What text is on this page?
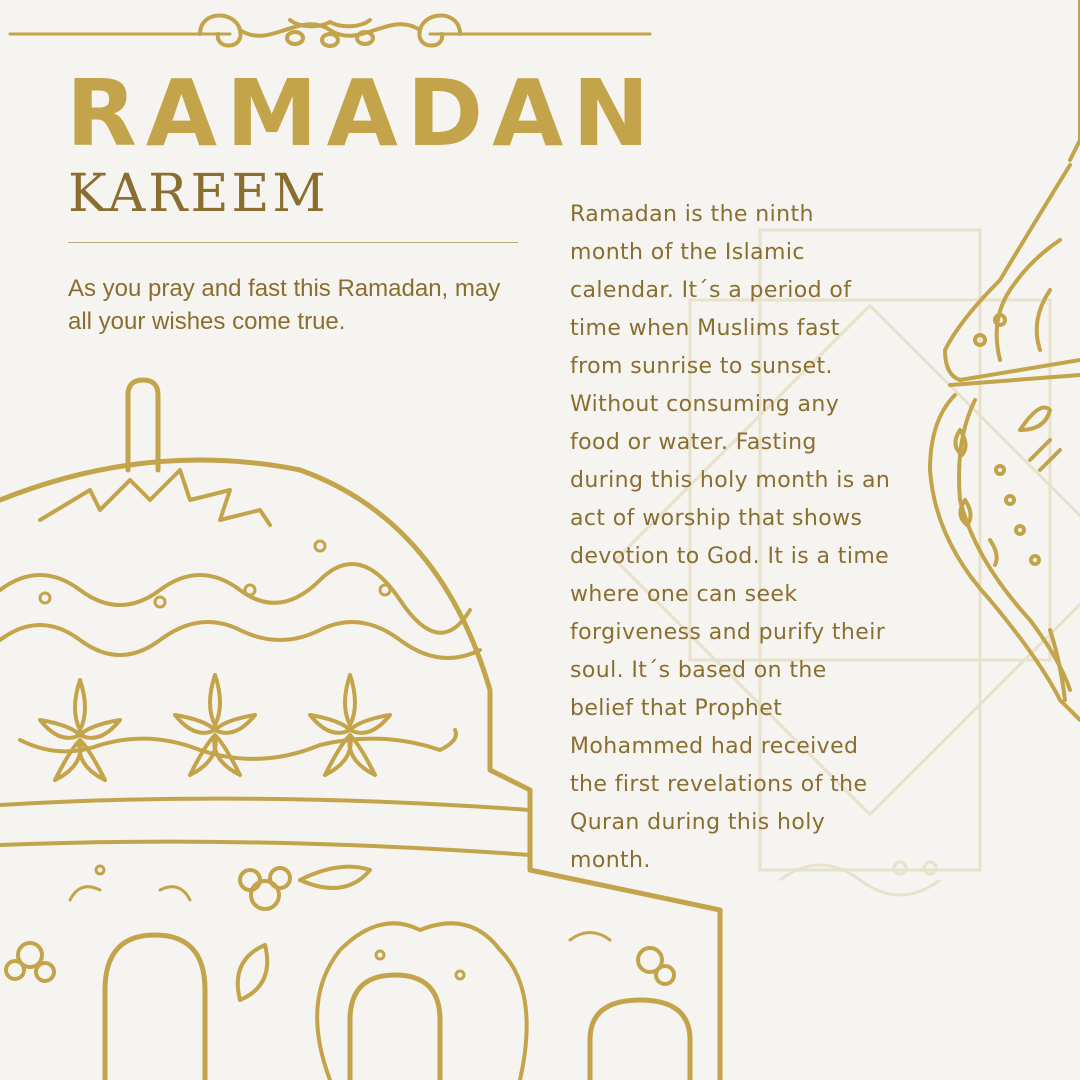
RAMADAN
KAREEM

As you pray and fast this Ramadan, may all your wishes come true.

Ramadan is the ninth
month of the Islamic
calendar. It´s a period of
time when Muslims fast
from sunrise to sunset.
Without consuming any
food or water. Fasting
during this holy month is an
act of worship that shows
devotion to God. It is a time
where one can seek
forgiveness and purify their
soul. It´s based on the
belief that Prophet
Mohammed had received
the first revelations of the
Quran during this holy
month.
